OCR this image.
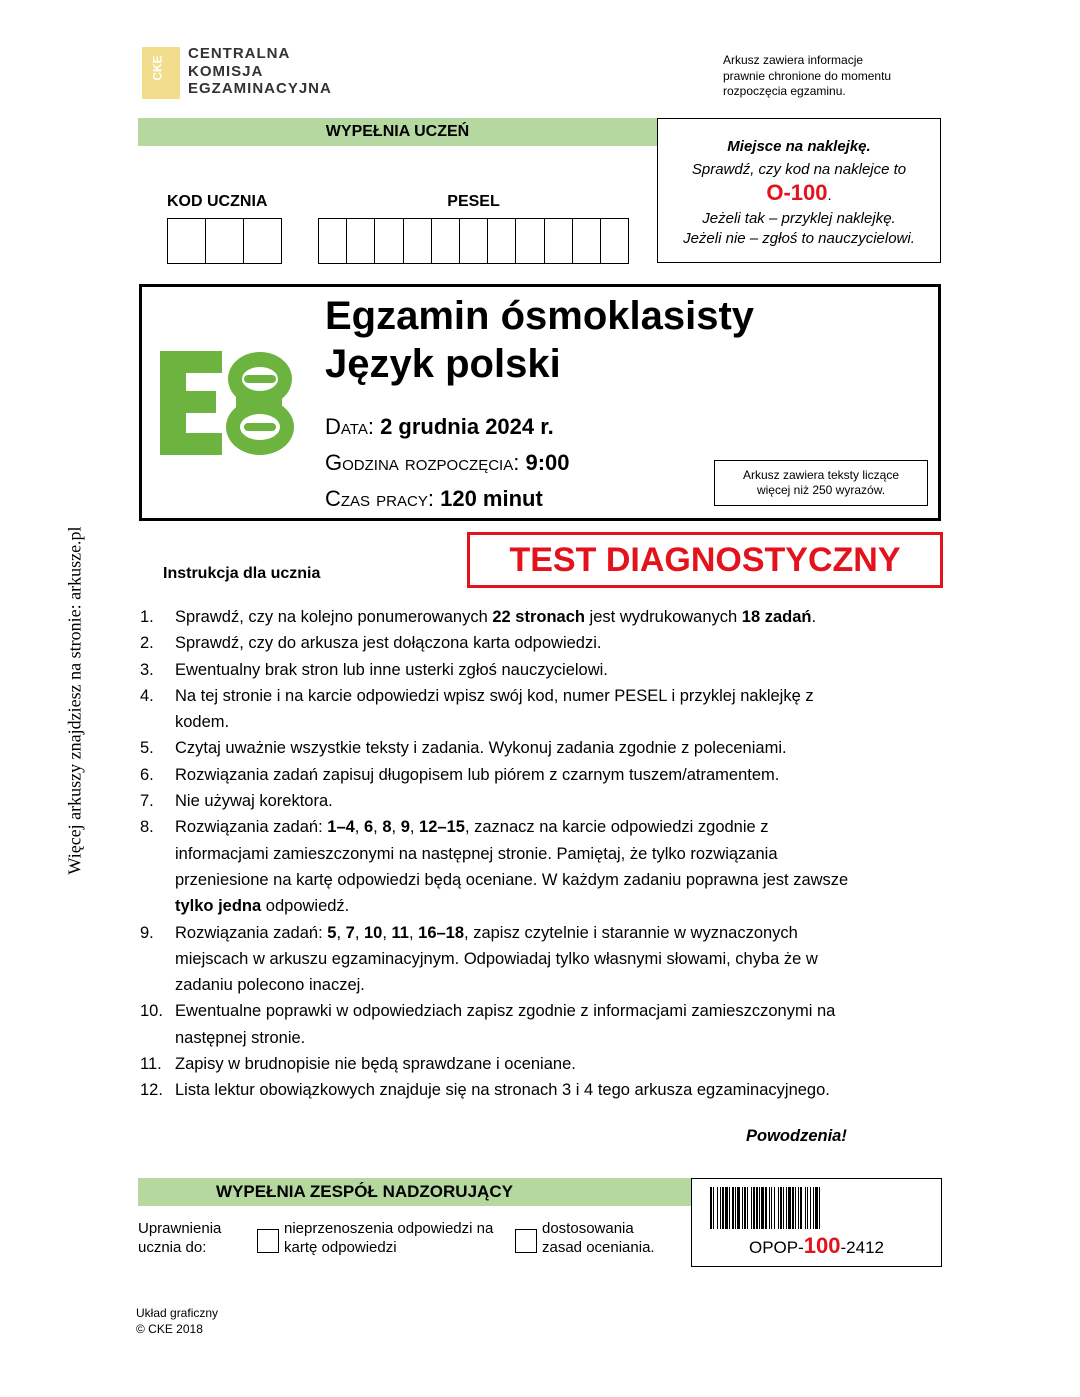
CKE
CENTRALNA
KOMISJA
EGZAMINACYJNA
Arkusz zawiera informacje
prawnie chronione do momentu
rozpoczęcia egzaminu.
WYPEŁNIA UCZEŃ
KOD UCZNIA	PESEL
Miejsce na naklejkę.
Sprawdź, czy kod na naklejce to
O-100.
Jeżeli tak – przyklej naklejkę.
Jeżeli nie – zgłoś to nauczycielowi.
Egzamin ósmoklasisty
Język polski
Data: 2 grudnia 2024 r.
Godzina rozpoczęcia: 9:00
Czas pracy: 120 minut
Arkusz zawiera teksty liczące więcej niż 250 wyrazów.
Instrukcja dla ucznia	TEST DIAGNOSTYCZNY
1.	Sprawdź, czy na kolejno ponumerowanych 22 stronach jest wydrukowanych 18 zadań.
2.	Sprawdź, czy do arkusza jest dołączona karta odpowiedzi.
3.	Ewentualny brak stron lub inne usterki zgłoś nauczycielowi.
4.	Na tej stronie i na karcie odpowiedzi wpisz swój kod, numer PESEL i przyklej naklejkę z kodem.
5.	Czytaj uważnie wszystkie teksty i zadania. Wykonuj zadania zgodnie z poleceniami.
6.	Rozwiązania zadań zapisuj długopisem lub piórem z czarnym tuszem/atramentem.
7.	Nie używaj korektora.
8.	Rozwiązania zadań: 1–4, 6, 8, 9, 12–15, zaznacz na karcie odpowiedzi zgodnie z informacjami zamieszczonymi na następnej stronie. Pamiętaj, że tylko rozwiązania przeniesione na kartę odpowiedzi będą oceniane. W każdym zadaniu poprawna jest zawsze tylko jedna odpowiedź.
9.	Rozwiązania zadań: 5, 7, 10, 11, 16–18, zapisz czytelnie i starannie w wyznaczonych miejscach w arkuszu egzaminacyjnym. Odpowiadaj tylko własnymi słowami, chyba że w zadaniu polecono inaczej.
10. Ewentualne poprawki w odpowiedziach zapisz zgodnie z informacjami zamieszczonymi na następnej stronie.
11. Zapisy w brudnopisie nie będą sprawdzane i oceniane.
12. Lista lektur obowiązkowych znajduje się na stronach 3 i 4 tego arkusza egzaminacyjnego.
Powodzenia!
WYPEŁNIA ZESPÓŁ NADZORUJĄCY
Uprawnienia ucznia do:
nieprzenoszenia odpowiedzi na kartę odpowiedzi
dostosowania zasad oceniania.	OPOP-100-2412
Więcej arkuszy znajdziesz na stronie: arkusze.pl
Układ graficzny
© CKE 2018
